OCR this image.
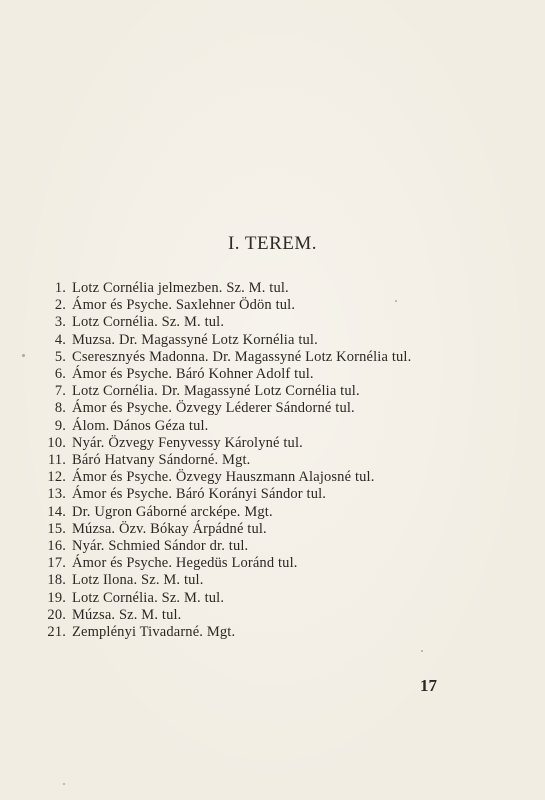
I. TEREM.
1. Lotz Cornélia jelmezben. Sz. M. tul.
2. Ámor és Psyche. Saxlehner Ödön tul.
3. Lotz Cornélia. Sz. M. tul.
4. Muzsa. Dr. Magassyné Lotz Kornélia tul.
5. Cseresznyés Madonna. Dr. Magassyné Lotz Kornélia tul.
6. Ámor és Psyche. Báró Kohner Adolf tul.
7. Lotz Cornélia. Dr. Magassyné Lotz Cornélia tul.
8. Ámor és Psyche. Özvegy Léderer Sándorné tul.
9. Álom. Dános Géza tul.
10. Nyár. Özvegy Fenyvessy Károlyné tul.
11. Báró Hatvany Sándorné. Mgt.
12. Ámor és Psyche. Özvegy Hauszmann Alajosné tul.
13. Ámor és Psyche. Báró Korányi Sándor tul.
14. Dr. Ugron Gáborné arcképe. Mgt.
15. Múzsa. Özv. Bókay Árpádné tul.
16. Nyár. Schmied Sándor dr. tul.
17. Ámor és Psyche. Hegedüs Loránd tul.
18. Lotz Ilona. Sz. M. tul.
19. Lotz Cornélia. Sz. M. tul.
20. Múzsa. Sz. M. tul.
21. Zemplényi Tivadarné. Mgt.
17
